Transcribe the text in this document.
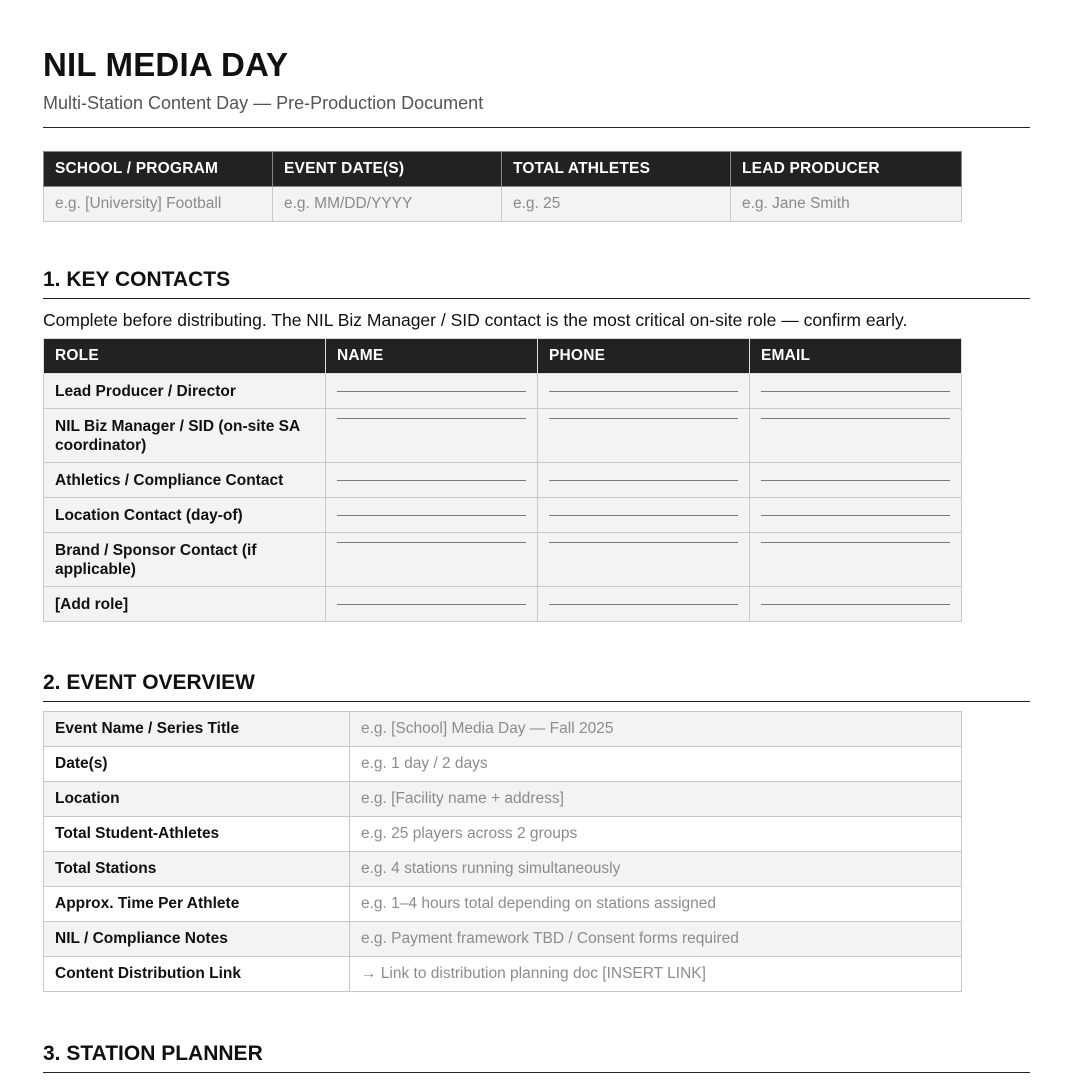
NIL MEDIA DAY

Multi-Station Content Day — Pre-Production Document

SCHOOL / PROGRAM	EVENT DATE(S)	TOTAL ATHLETES	LEAD PRODUCER
e.g. [University] Football	e.g. MM/DD/YYYY	e.g. 25	e.g. Jane Smith
1. KEY CONTACTS

Complete before distributing. The NIL Biz Manager / SID contact is the most critical on-site role — confirm early.

ROLE	NAME	PHONE	EMAIL
Lead Producer / Director	

NIL Biz Manager / SID (on-site SA coordinator)	

Athletics / Compliance Contact	

Location Contact (day-of)	

Brand / Sponsor Contact (if applicable)	

[Add role]	

2. EVENT OVERVIEW
Event Name / Series Title	e.g. [School] Media Day — Fall 2025
Date(s)	e.g. 1 day / 2 days
Location	e.g. [Facility name + address]
Total Student-Athletes	e.g. 25 players across 2 groups
Total Stations	e.g. 4 stations running simultaneously
Approx. Time Per Athlete	e.g. 1–4 hours total depending on stations assigned
NIL / Compliance Notes	e.g. Payment framework TBD / Consent forms required
Content Distribution Link	→ Link to distribution planning doc [INSERT LINK]
3. STATION PLANNER
